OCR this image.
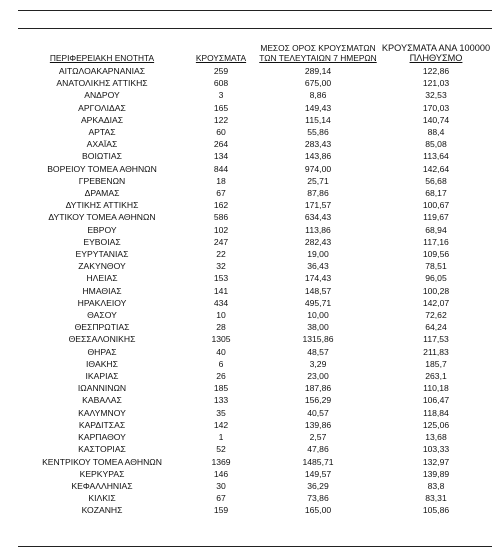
ΠΕΡΙΦΕΡΕΙΑΚΗ ΕΝΟΤΗΤΑ	ΚΡΟΥΣΜΑΤΑ	ΜΕΣΟΣ ΟΡΟΣ ΚΡΟΥΣΜΑΤΩΝ
ΤΩΝ ΤΕΛΕΥΤΑΙΩΝ 7 ΗΜΕΡΩΝ	ΚΡΟΥΣΜΑΤΑ ΑΝΑ 100000
ΠΛΗΘΥΣΜΟ
ΑΙΤΩΛΟΑΚΑΡΝΑΝΙΑΣ	259	289,14	122,86
ΑΝΑΤΟΛΙΚΗΣ ΑΤΤΙΚΗΣ	608	675,00	121,03
ΑΝΔΡΟΥ	3	8,86	32,53
ΑΡΓΟΛΙΔΑΣ	165	149,43	170,03
ΑΡΚΑΔΙΑΣ	122	115,14	140,74
ΑΡΤΑΣ	60	55,86	88,4
ΑΧΑΪΑΣ	264	283,43	85,08
ΒΟΙΩΤΙΑΣ	134	143,86	113,64
ΒΟΡΕΙΟΥ ΤΟΜΕΑ ΑΘΗΝΩΝ	844	974,00	142,64
ΓΡΕΒΕΝΩΝ	18	25,71	56,68
ΔΡΑΜΑΣ	67	87,86	68,17
ΔΥΤΙΚΗΣ ΑΤΤΙΚΗΣ	162	171,57	100,67
ΔΥΤΙΚΟΥ ΤΟΜΕΑ ΑΘΗΝΩΝ	586	634,43	119,67
ΕΒΡΟΥ	102	113,86	68,94
ΕΥΒΟΙΑΣ	247	282,43	117,16
ΕΥΡΥΤΑΝΙΑΣ	22	19,00	109,56
ΖΑΚΥΝΘΟΥ	32	36,43	78,51
ΗΛΕΙΑΣ	153	174,43	96,05
ΗΜΑΘΙΑΣ	141	148,57	100,28
ΗΡΑΚΛΕΙΟΥ	434	495,71	142,07
ΘΑΣΟΥ	10	10,00	72,62
ΘΕΣΠΡΩΤΙΑΣ	28	38,00	64,24
ΘΕΣΣΑΛΟΝΙΚΗΣ	1305	1315,86	117,53
ΘΗΡΑΣ	40	48,57	211,83
ΙΘΑΚΗΣ	6	3,29	185,7
ΙΚΑΡΙΑΣ	26	23,00	263,1
ΙΩΑΝΝΙΝΩΝ	185	187,86	110,18
ΚΑΒΑΛΑΣ	133	156,29	106,47
ΚΑΛΥΜΝΟΥ	35	40,57	118,84
ΚΑΡΔΙΤΣΑΣ	142	139,86	125,06
ΚΑΡΠΑΘΟΥ	1	2,57	13,68
ΚΑΣΤΟΡΙΑΣ	52	47,86	103,33
ΚΕΝΤΡΙΚΟΥ ΤΟΜΕΑ ΑΘΗΝΩΝ	1369	1485,71	132,97
ΚΕΡΚΥΡΑΣ	146	149,57	139,89
ΚΕΦΑΛΛΗΝΙΑΣ	30	36,29	83,8
ΚΙΛΚΙΣ	67	73,86	83,31
ΚΟΖΑΝΗΣ	159	165,00	105,86
